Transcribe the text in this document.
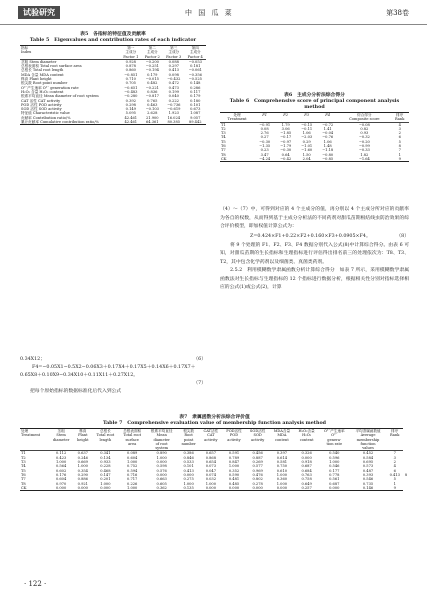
试验研究	中 国 瓜 菜	第38卷
表5　各指标的特征值及贡献率
Table 5　Eigenvalues and contribution rates of each indicator
指标
Index	第一
主成分
Factor 1	第二
主成分
Factor 2	第三
主成分
Factor 3	第四
主成分
Factor 4
茎粗 Stem diameter	0.928	−0.200	0.088	−0.053
总根表面积 Total root surface area	0.878	−0.251	0.297	0.181
总根长 Total root length	0.860	−0.194	0.413	−0.061
MDA 含量 MDA content	−0.851	0.179	0.098	−0.356
株高 Plant height	0.710	−0.015	−0.432	−0.525
根尖数 Root point number	0.705	0.482	0.472	0.148
O²⁻产生速率 O²⁻ generation rate	−0.651	−0.221	0.473	0.286
H₂O₂ 含量 H₂O₂ content	−0.483	0.836	0.199	0.117
根系平均直径 Mean diameter of root system	−0.280	−0.817	0.040	0.179
CAT 活性 CAT activity	0.392	0.765	0.222	0.180
POD 活性 POD activity	0.298	0.463	−0.736	0.101
SOD 活性 SOD activity	0.149	−0.103	−0.619	0.673
特征值 Characteristic value	5.095	2.628	1.923	1.087
贡献率 Contribution ratio/%	42.461	21.900	16.024	9.057
累计贡献率 Cumulative contribution ratio/%	42.461	64.361	80.385	89.442
0.34X12；	（6）
F4=−0.05X1−0.5X2−0.06X3＋0.17X4＋0.17X5＋0.14X6＋0.17X7＋0.65X8＋0.10X9−0.34X10＋0.11X11＋0.27X12。
（7）
把每个原始指标的数据标准化后代入到公式
表6　主成分分析法综合得分
Table 6　Comprehensive score of principal component analysis method
处理
Treatment	F1	F2	F3	F4	综合得分
Composite score	排序
Rank
T1	−0.91	1.79	−0.15	−0.72	−0.08	4
T2	0.08	3.06	−0.11	1.41	0.82	3
T3	2.76	−1.85	1.06	−0.04	0.93	2
T4	0.27	−0.17	−2.03	−0.76	−0.32	6
T5	−0.30	−0.97	0.29	1.06	−0.20	5
T6	−1.35	−1.79	−1.01	1.48	−0.99	8
T7	0.23	−0.30	−1.60	−1.18	−0.33	7
T8	3.47	0.64	1.50	−0.80	1.82	1
CK	−4.24	−0.42	2.04	−0.85	−1.64	9
（4）～（7）中，可得到对应的 4 个主成分的值，再分别以 4 个主成分所对应的贡献率为各自的权数，从而得到基于主成分分析法的不同药剂对甜瓜苗期根结线虫防治效果的综合评价模型，即加权值计算公式为：
Z=0.424×F1+0.22×F2+0.160×F3+0.0905×F4。	（8）
将 9 个处理的 F1、F2、F3、F4 数据分别代入公式(8)中计算综合得分。由表 6 可知，对甜瓜苗期的生长指标和生理指标进行评估得出排名前三的处理依次为：T8、T3、T2，其中包含化学药剂以及细菌类、真菌类药剂。
2.5.2　利用模糊数学隶属函数分析计算综合得分　如表 7 所示，采用模糊数学隶属函数法对生长指标与生理指标的 12 个指标进行数据分析，根据相关性分别对指标选择相应的公式(1)或公式(2)，计算
表7　隶属函数分析法综合评价值
Table 7　Comprehensive evaluation value of membership function analysis method
处理
Treatment	茎粗
Stem
diameter	株高
Plant
height	总根长
Total root
length	总根表面积
Total root
surface
area	根系平均直径
Mean
diameter
of root
system	根尖数
Root
point
number	CAT活性
CAT
activity	POD活性
POD
activity	SOD活性
SOD
activity	MDA含量
MDA
content	H₂O₂含量
H₂O₂
content	O²⁻产生速率
O²⁻
genera-
tion rate	平均隶属函数值
Average
membership
function
values	排序
Rank	
T1	0.112	0.637	0.341	0.089	0.890	0.386	0.657	0.591	0.456	0.397	0.326	0.540	0.452	7	
T2	0.423	0.246	0.134	0.604	1.000	0.846	0.868	0.789	0.887	0.614	0.000	0.596	0.584	3	
T3	1.000	0.669	0.933	1.000	0.000	0.533	0.654	0.847	0.269	0.581	0.918	1.000	0.695	2	
T4	0.564	1.000	0.228	0.752	0.598	0.101	0.073	1.000	0.577	0.750	0.687	0.546	0.573	4	
T5	0.602	0.354	0.468	0.594	0.576	0.413	0.047	0.352	0.969	0.610	0.684	0.177	0.487	6	
T6	0.176	0.290	0.147	0.716	0.000	0.000	0.074	0.590	0.476	1.000	0.763	0.778	0.393	0.413	8
T7	0.604	0.886	0.201	0.717	0.663	0.275	0.032	0.481	0.802	0.360	0.758	0.561	0.546	5	
T8	0.970	0.921	1.000	0.226	0.605	1.000	1.000	0.485	0.278	1.000	0.649	0.687	0.735	1	
CK	0.000	0.000	0.000	1.000	0.362	0.135	0.000	0.000	0.000	0.000	0.257	0.000	0.146	9	
· 122 ·
